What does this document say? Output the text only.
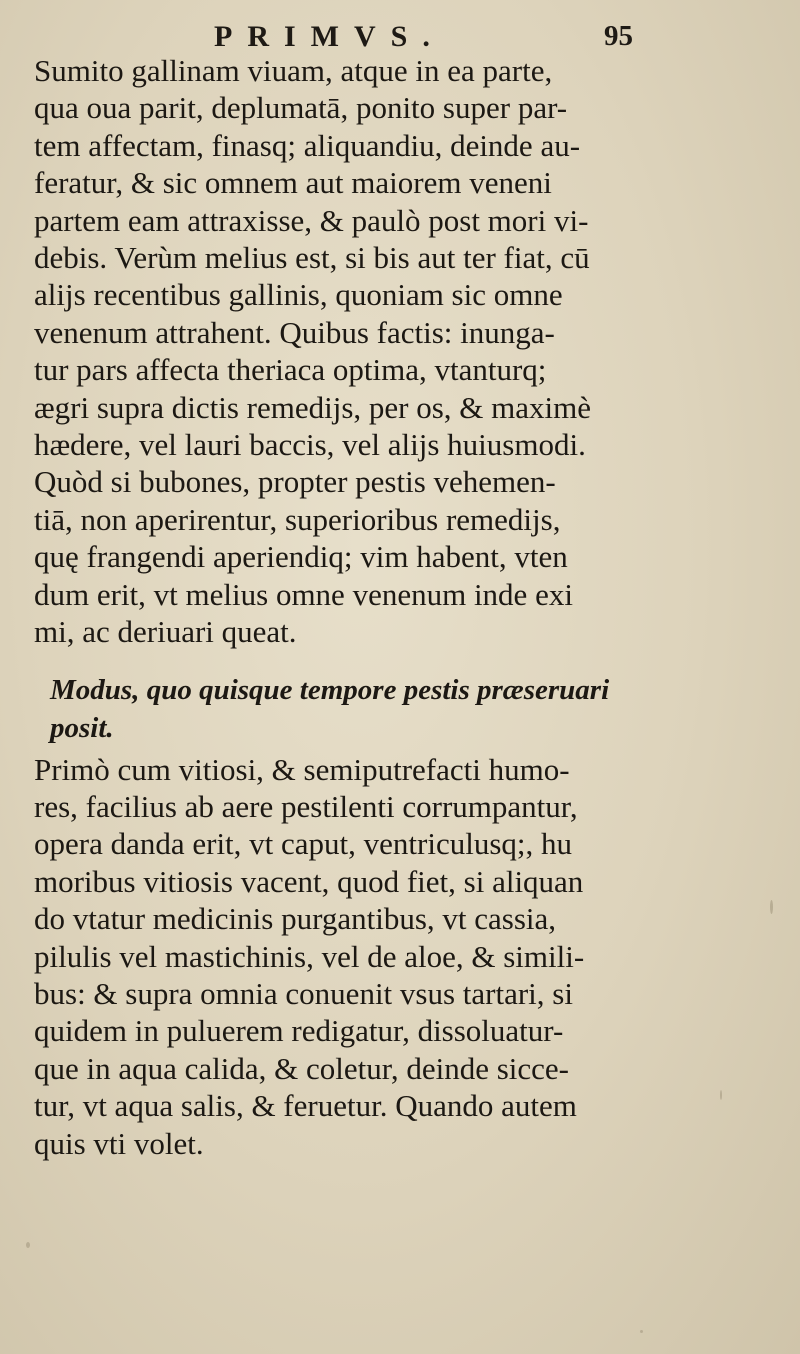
PRIMVS.	95
Sumito gallinam viuam, atque in ea parte,
qua oua parit, deplumatā, ponito super par-
tem affectam, finasq; aliquandiu, deinde au-
feratur, & sic omnem aut maiorem veneni
partem eam attraxisse, & paulò post mori vi-
debis. Verùm melius est, si bis aut ter fiat, cū
alijs recentibus gallinis, quoniam sic omne
venenum attrahent. Quibus factis: inunga-
tur pars affecta theriaca optima, vtanturq;
ægri supra dictis remedijs, per os, & maximè
hædere, vel lauri baccis, vel alijs huiusmodi.
Quòd si bubones, propter pestis vehemen-
tiā, non aperirentur, superioribus remedijs,
quę frangendi aperiendiq; vim habent, vten
dum erit, vt melius omne venenum inde exi
mi, ac deriuari queat.
Modus, quo quisque tempore pestis præseruari
posit.
Primò cum vitiosi, & semiputrefacti humo-
res, facilius ab aere pestilenti corrumpantur,
opera danda erit, vt caput, ventriculusq;, hu
moribus vitiosis vacent, quod fiet, si aliquan
do vtatur medicinis purgantibus, vt cassia,
pilulis vel mastichinis, vel de aloe, & simili-
bus: & supra omnia conuenit vsus tartari, si
quidem in puluerem redigatur, dissoluatur-
que in aqua calida, & coletur, deinde sicce-
tur, vt aqua salis, & feruetur. Quando autem
quis vti volet.
